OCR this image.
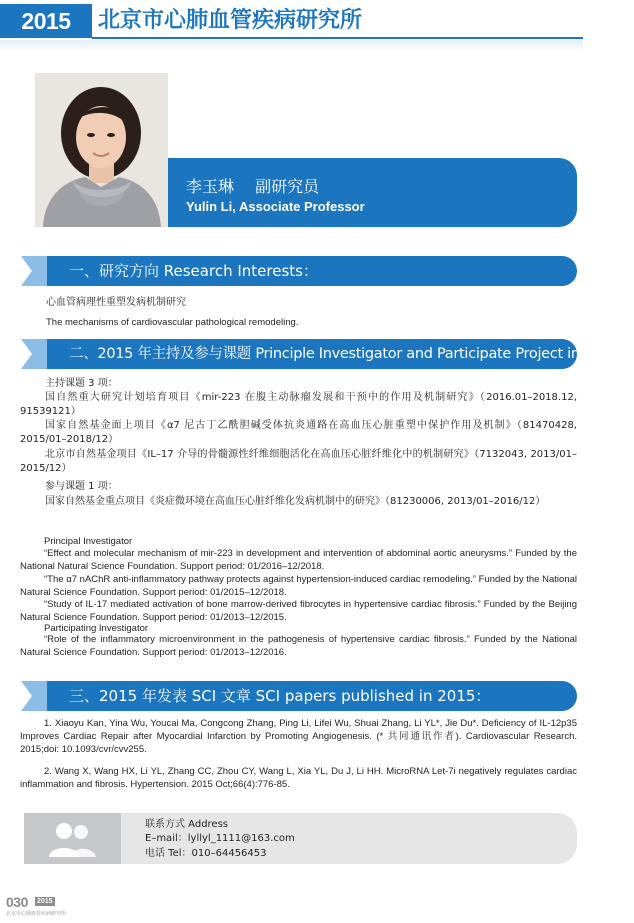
2015	北京市心肺血管疾病研究所
李玉琳　 副研究员
Yulin Li, Associate Professor
一、研究方向 Research Interests：
心血管病理性重塑发病机制研究
The mechanisms of cardiovascular pathological remodeling.
二、2015 年主持及参与课题 Principle Investigator and Participate Project in 2015：
主持课题 3 项：
国自然重大研究计划培育项目《mir-223 在腹主动脉瘤发展和干预中的作用及机制研究》（2016.01–2018.12, 91539121）
国家自然基金面上项目《α7 尼古丁乙酰胆碱受体抗炎通路在高血压心脏重塑中保护作用及机制》（81470428, 2015/01–2018/12）
北京市自然基金项目《IL–17 介导的骨髓源性纤维细胞活化在高血压心脏纤维化中的机制研究》（7132043, 2013/01–2015/12）
参与课题 1 项：
国家自然基金重点项目《炎症微环境在高血压心脏纤维化发病机制中的研究》（81230006, 2013/01–2016/12）
Principal Investigator
“Effect and molecular mechanism of mir-223 in development and intervention of abdominal aortic aneurysms.” Funded by the National Natural Science Foundation. Support period: 01/2016–12/2018.
“The α7 nAChR anti-inflammatory pathway protects against hypertension-induced cardiac remodeling.” Funded by the National Natural Science Foundation. Support period: 01/2015–12/2018.
“Study of IL-17 mediated activation of bone marrow-derived fibrocytes in hypertensive cardiac fibrosis.” Funded by the Beijing Natural Science Foundation. Support period: 01/2013–12/2015.
Participating Investigator
“Role of the inflammatory microenvironment in the pathogenesis of hypertensive cardiac fibrosis.” Funded by the National Natural Science Foundation. Support period: 01/2013–12/2016.
三、2015 年发表 SCI 文章 SCI papers published in 2015：
1. Xiaoyu Kan, Yina Wu, Youcai Ma, Congcong Zhang, Ping Li, Lifei Wu, Shuai Zhang, Li YL*, Jie Du*. Deficiency of IL-12p35 Improves Cardiac Repair after Myocardial Infarction by Promoting Angiogenesis. (* 共同通讯作者). Cardiovascular Research. 2015;doi: 10.1093/cvr/cvv255.
2. Wang X, Wang HX, Li YL, Zhang CC, Zhou CY, Wang L, Xia YL, Du J, Li HH. MicroRNA Let-7i negatively regulates cardiac inflammation and fibrosis. Hypertension. 2015 Oct;66(4):776-85.
联系方式 Address
E–mail：lyllyl_1111@163.com
电话 Tel：010–64456453
030 2015
北京市心肺血管疾病研究所
